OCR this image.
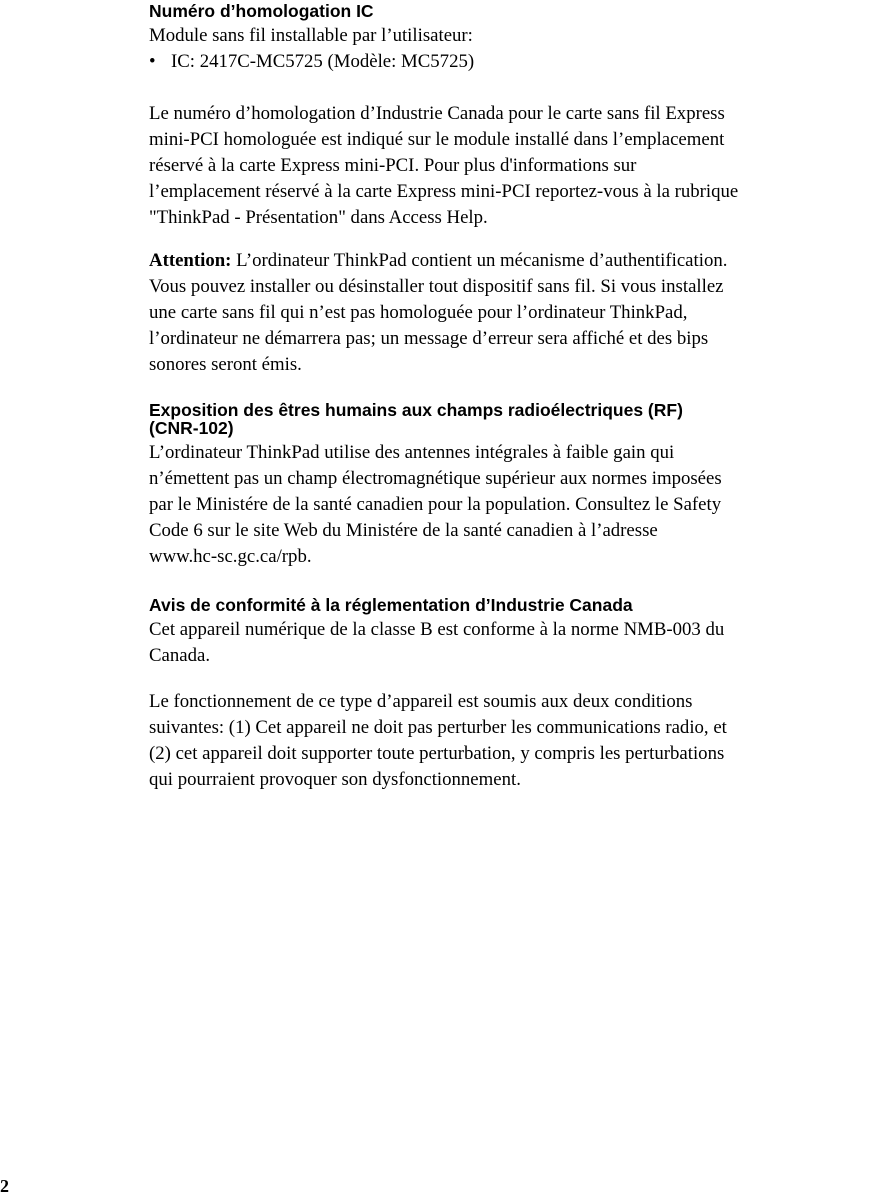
Numéro d’homologation IC
Module sans fil installable par l’utilisateur:
• IC: 2417C-MC5725 (Modèle: MC5725)
Le numéro d’homologation d’Industrie Canada pour le carte sans fil Express
mini-PCI homologuée est indiqué sur le module installé dans l’emplacement
réservé à la carte Express mini-PCI. Pour plus d'informations sur
l’emplacement réservé à la carte Express mini-PCI reportez-vous à la rubrique
"ThinkPad - Présentation" dans Access Help.
Attention: L’ordinateur ThinkPad contient un mécanisme d’authentification.
Vous pouvez installer ou désinstaller tout dispositif sans fil. Si vous installez
une carte sans fil qui n’est pas homologuée pour l’ordinateur ThinkPad,
l’ordinateur ne démarrera pas; un message d’erreur sera affiché et des bips
sonores seront émis.
Exposition des êtres humains aux champs radioélectriques (RF)
(CNR-102)
L’ordinateur ThinkPad utilise des antennes intégrales à faible gain qui
n’émettent pas un champ électromagnétique supérieur aux normes imposées
par le Ministére de la santé canadien pour la population. Consultez le Safety
Code 6 sur le site Web du Ministére de la santé canadien à l’adresse
www.hc-sc.gc.ca/rpb.
Avis de conformité à la réglementation d’Industrie Canada
Cet appareil numérique de la classe B est conforme à la norme NMB-003 du
Canada.
Le fonctionnement de ce type d’appareil est soumis aux deux conditions
suivantes: (1) Cet appareil ne doit pas perturber les communications radio, et
(2) cet appareil doit supporter toute perturbation, y compris les perturbations
qui pourraient provoquer son dysfonctionnement.
2
